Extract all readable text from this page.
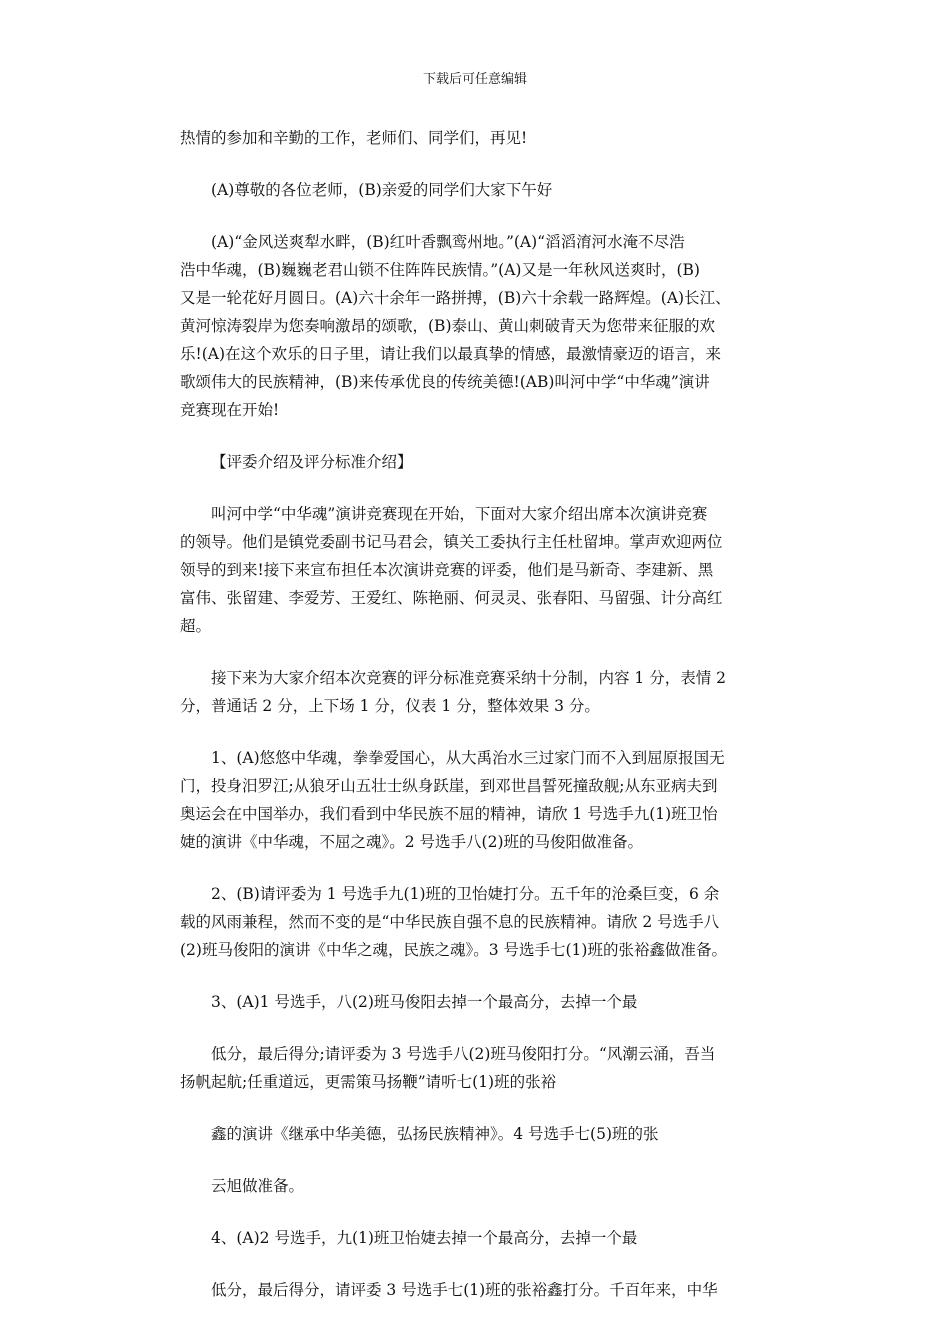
下载后可任意编辑
热情的参加和辛勤的工作，老师们、同学们，再见!
(A)尊敬的各位老师，(B)亲爱的同学们大家下午好
(A)“金风送爽犁水畔，(B)红叶香飘鸾州地。”(A)“滔滔淯河水淹不尽浩
浩中华魂，(B)巍巍老君山锁不住阵阵民族情。”(A)又是一年秋风送爽时，(B)
又是一轮花好月圆日。(A)六十余年一路拼搏，(B)六十余载一路辉煌。(A)长江、
黄河惊涛裂岸为您奏响激昂的颂歌，(B)泰山、黄山刺破青天为您带来征服的欢
乐!(A)在这个欢乐的日子里，请让我们以最真挚的情感，最激情豪迈的语言，来
歌颂伟大的民族精神，(B)来传承优良的传统美德!(AB)叫河中学“中华魂”演讲
竞赛现在开始!
【评委介绍及评分标准介绍】
叫河中学“中华魂”演讲竞赛现在开始，下面对大家介绍出席本次演讲竞赛
的领导。他们是镇党委副书记马君会，镇关工委执行主任杜留坤。掌声欢迎两位
领导的到来!接下来宣布担任本次演讲竞赛的评委，他们是马新奇、李建新、黑
富伟、张留建、李爱芳、王爱红、陈艳丽、何灵灵、张春阳、马留强、计分高红
超。
接下来为大家介绍本次竞赛的评分标准竞赛采纳十分制，内容 1 分，表情 2
分，普通话 2 分，上下场 1 分，仪表 1 分，整体效果 3 分。
1、(A)悠悠中华魂，拳拳爱国心，从大禹治水三过家门而不入到屈原报国无
门，投身汨罗江;从狼牙山五壮士纵身跃崖，到邓世昌誓死撞敌舰;从东亚病夫到
奥运会在中国举办，我们看到中华民族不屈的精神，请欣 1 号选手九(1)班卫怡
婕的演讲《中华魂，不屈之魂》。2 号选手八(2)班的马俊阳做准备。
2、(B)请评委为 1 号选手九(1)班的卫怡婕打分。五千年的沧桑巨变，6 余
载的风雨兼程，然而不变的是“中华民族自强不息的民族精神。请欣 2 号选手八
(2)班马俊阳的演讲《中华之魂，民族之魂》。3 号选手七(1)班的张裕鑫做准备。
3、(A)1 号选手，八(2)班马俊阳去掉一个最高分，去掉一个最
低分，最后得分;请评委为 3 号选手八(2)班马俊阳打分。“风潮云涌，吾当
扬帆起航;任重道远，更需策马扬鞭”请听七(1)班的张裕
鑫的演讲《继承中华美德，弘扬民族精神》。4 号选手七(5)班的张
云旭做准备。
4、(A)2 号选手，九(1)班卫怡婕去掉一个最高分，去掉一个最
低分，最后得分，请评委 3 号选手七(1)班的张裕鑫打分。千百年来，中华
